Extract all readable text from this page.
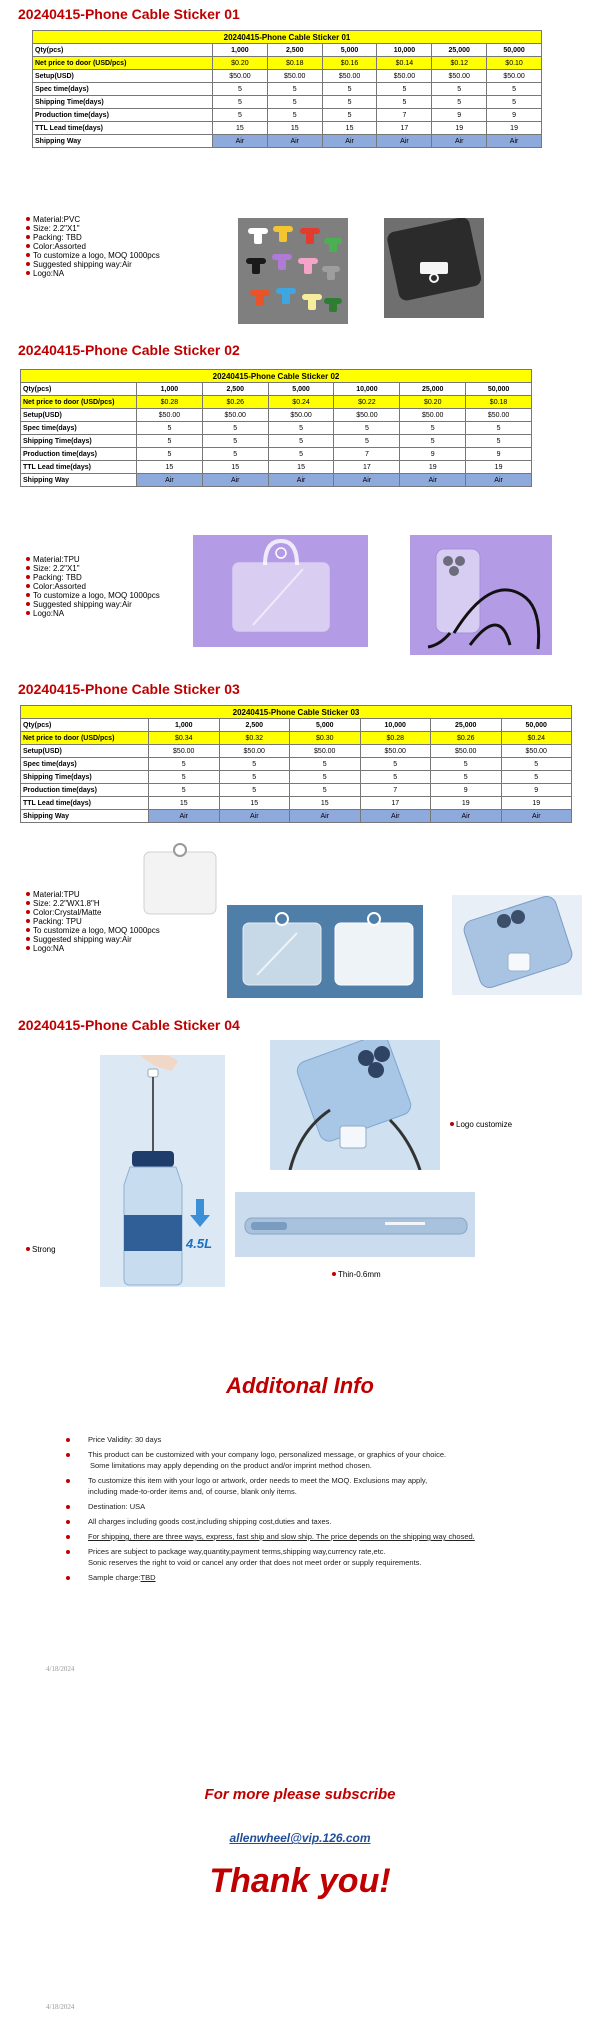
20240415-Phone Cable Sticker 01
20240415-Phone Cable Sticker 01						
Qty(pcs)	1,000	2,500	5,000	10,000	25,000	50,000
Net price to door (USD/pcs)	$0.20	$0.18	$0.16	$0.14	$0.12	$0.10
Setup(USD)	$50.00	$50.00	$50.00	$50.00	$50.00	$50.00
Spec time(days)	5	5	5	5	5	5
Shipping Time(days)	5	5	5	5	5	5
Production time(days)	5	5	5	7	9	9
TTL Lead time(days)	15	15	15	17	19	19
Shipping Way	Air	Air	Air	Air	Air	Air
Material:PVC
Size: 2.2"X1"
Packing: TBD
Color:Assorted
To customize a logo, MOQ 1000pcs
Suggested shipping way:Air
Logo:NA
20240415-Phone Cable Sticker 02
20240415-Phone Cable Sticker 02						
Qty(pcs)	1,000	2,500	5,000	10,000	25,000	50,000
Net price to door (USD/pcs)	$0.28	$0.26	$0.24	$0.22	$0.20	$0.18
Setup(USD)	$50.00	$50.00	$50.00	$50.00	$50.00	$50.00
Spec time(days)	5	5	5	5	5	5
Shipping Time(days)	5	5	5	5	5	5
Production time(days)	5	5	5	7	9	9
TTL Lead time(days)	15	15	15	17	19	19
Shipping Way	Air	Air	Air	Air	Air	Air
Material:TPU
Size: 2.2"X1"
Packing: TBD
Color:Assorted
To customize a logo, MOQ 1000pcs
Suggested shipping way:Air
Logo:NA
20240415-Phone Cable Sticker 03
20240415-Phone Cable Sticker 03						
Qty(pcs)	1,000	2,500	5,000	10,000	25,000	50,000
Net price to door (USD/pcs)	$0.34	$0.32	$0.30	$0.28	$0.26	$0.24
Setup(USD)	$50.00	$50.00	$50.00	$50.00	$50.00	$50.00
Spec time(days)	5	5	5	5	5	5
Shipping Time(days)	5	5	5	5	5	5
Production time(days)	5	5	5	7	9	9
TTL Lead time(days)	15	15	15	17	19	19
Shipping Way	Air	Air	Air	Air	Air	Air
Material:TPU
Size: 2.2"WX1.8"H
Color:Crystal/Matte
Packing: TPU
To customize a logo, MOQ 1000pcs
Suggested shipping way:Air
Logo:NA
20240415-Phone Cable Sticker 04
4.5L
Logo customize
Strong
Thin-0.6mm
Additonal Info
Price Validity: 30 days
This product can be customized with your company logo, personalized message, or graphics of your choice.
Some limitations may apply depending on the product and/or imprint method chosen.
To customize this item with your logo or artwork, order needs to meet the MOQ. Exclusions may apply,
including made-to-order items and, of course, blank only items.
Destination: USA
All charges including goods cost,including shipping cost,duties and taxes.
For shipping, there are three ways, express, fast ship and slow ship. The price depends on the shipping way chosed.
Prices are subject to package way,quantity,payment terms,shipping way,currency rate,etc.
Sonic reserves the right to void or cancel any order that does not meet order or supply requirements.
Sample charge:TBD
4/18/2024
For more please subscribe
allenwheel@vip.126.com
Thank you!
4/18/2024
